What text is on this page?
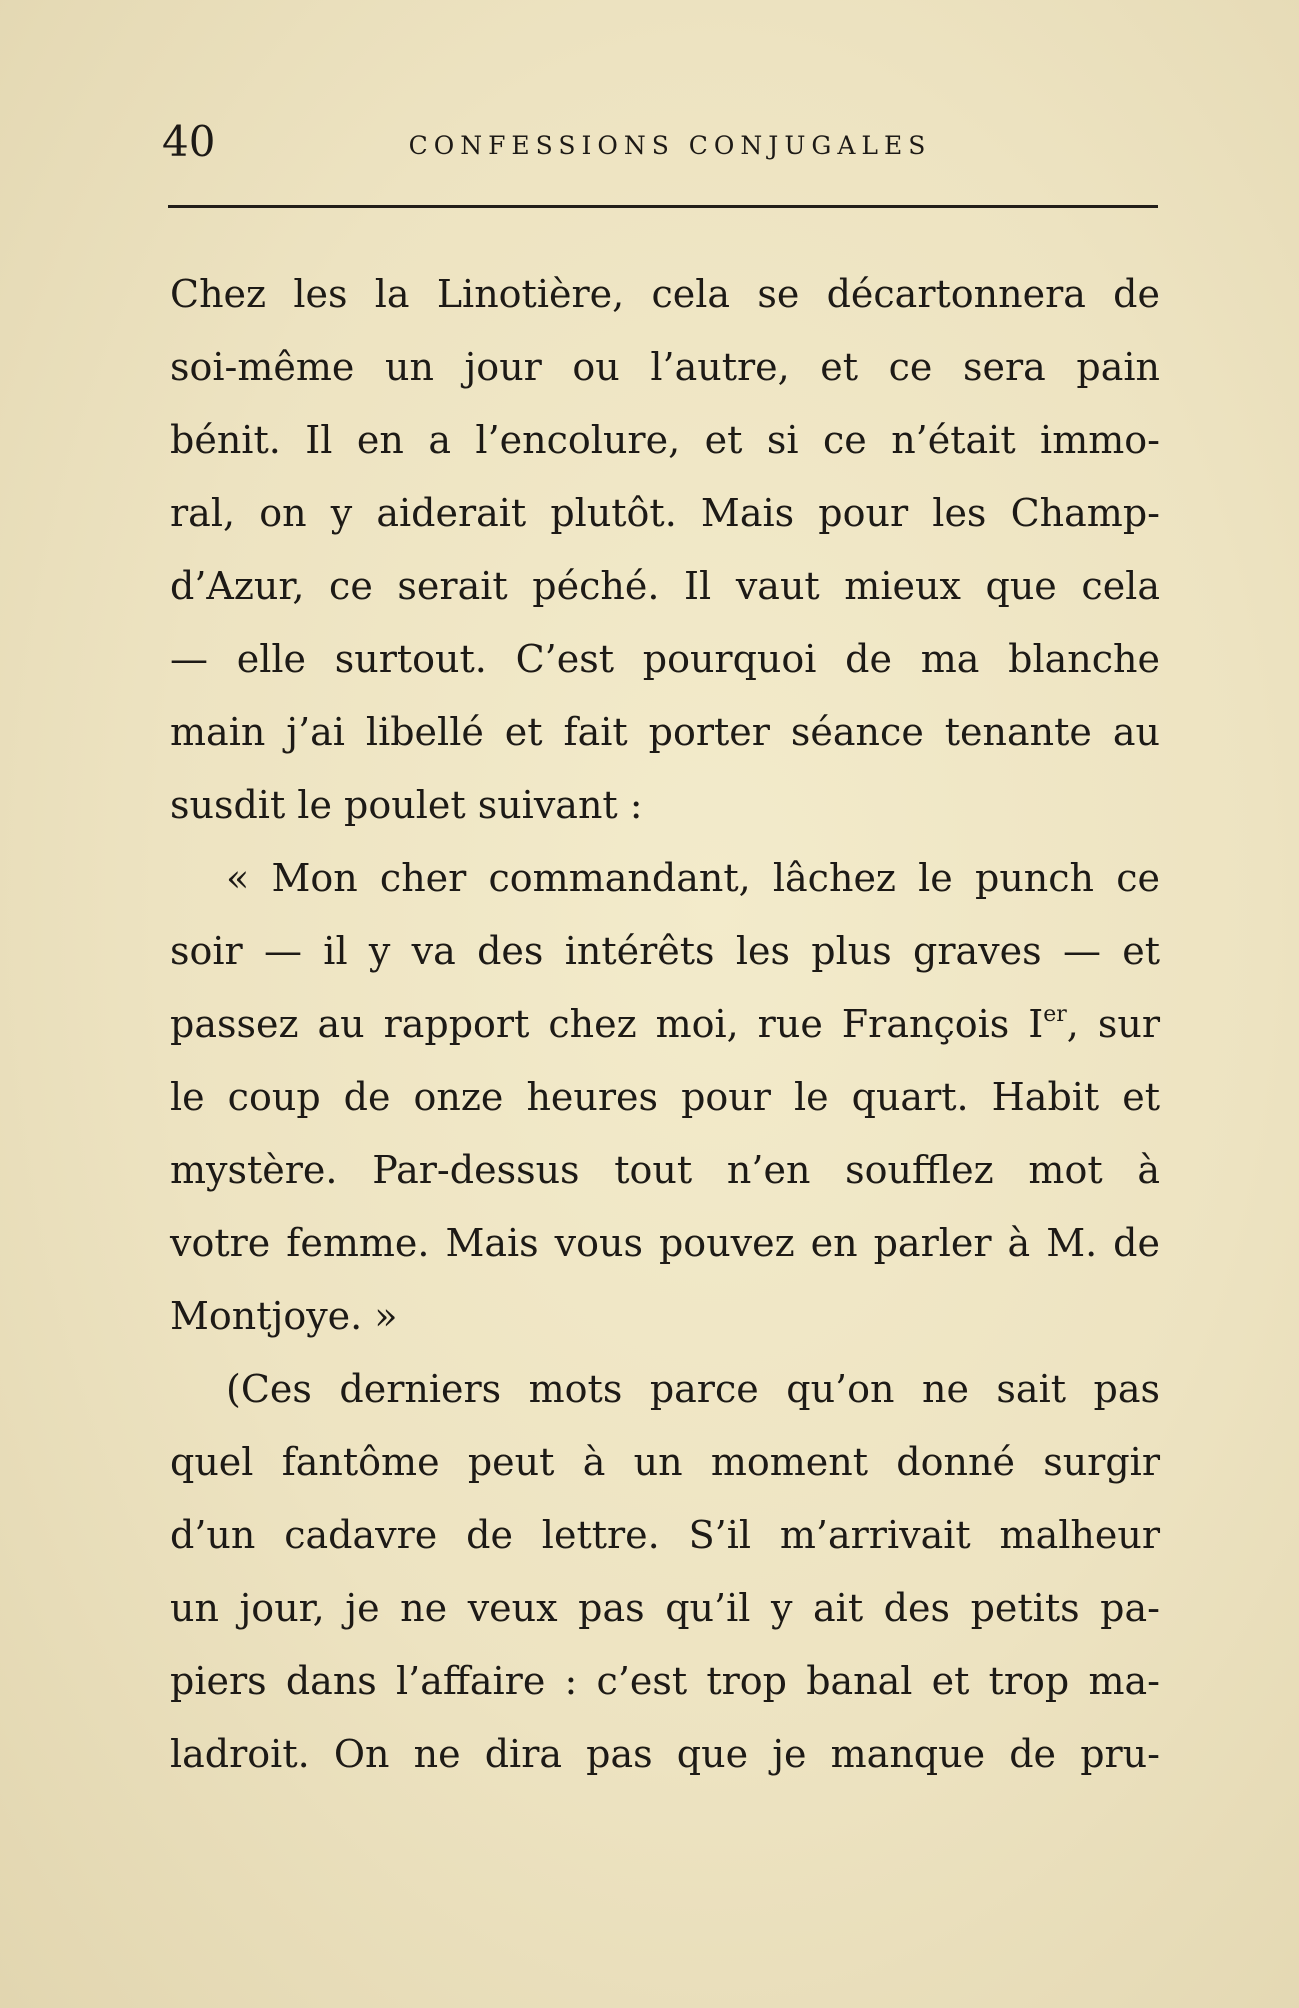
40	CONFESSIONS CONJUGALES
Chez les la Linotière, cela se décartonnera de
soi-même un jour ou l’autre, et ce sera pain
bénit. Il en a l’encolure, et si ce n’était immo-
ral, on y aiderait plutôt. Mais pour les Champ-
d’Azur, ce serait péché. Il vaut mieux que cela
— elle surtout. C’est pourquoi de ma blanche
main j’ai libellé et fait porter séance tenante au
susdit le poulet suivant :
« Mon cher commandant, lâchez le punch ce
soir — il y va des intérêts les plus graves — et
passez au rapport chez moi, rue François Ier, sur
le coup de onze heures pour le quart. Habit et
mystère. Par-dessus tout n’en soufflez mot à
votre femme. Mais vous pouvez en parler à M. de
Montjoye. »
(Ces derniers mots parce qu’on ne sait pas
quel fantôme peut à un moment donné surgir
d’un cadavre de lettre. S’il m’arrivait malheur
un jour, je ne veux pas qu’il y ait des petits pa-
piers dans l’affaire : c’est trop banal et trop ma-
ladroit. On ne dira pas que je manque de pru-
